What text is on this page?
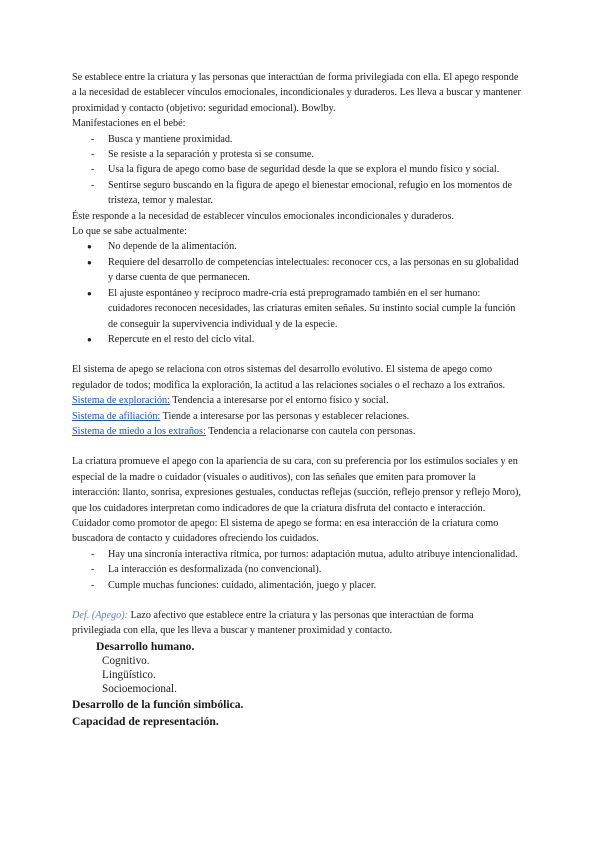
Se establece entre la criatura y las personas que interactúan de forma privilegiada con ella. El apego responde a la necesidad de establecer vínculos emocionales, incondicionales y duraderos. Les lleva a buscar y mantener proximidad y contacto (objetivo: seguridad emocional). Bowlby.

Manifestaciones en el bebé:

- Busca y mantiene proximidad.
- Se resiste a la separación y protesta si se consume.
- Usa la figura de apego como base de seguridad desde la que se explora el mundo físico y social.
- Sentirse seguro buscando en la figura de apego el bienestar emocional, refugio en los momentos de tristeza, temor y malestar.

Éste responde a la necesidad de establecer vínculos emocionales incondicionales y duraderos.

Lo que se sabe actualmente:

● No depende de la alimentación.
● Requiere del desarrollo de competencias intelectuales: reconocer ccs, a las personas en su globalidad y darse cuenta de que permanecen.
● El ajuste espontáneo y recíproco madre-cría está preprogramado también en el ser humano: cuidadores reconocen necesidades, las criaturas emiten señales. Su instinto social cumple la función de conseguir la supervivencia individual y de la especie.
● Repercute en el resto del ciclo vital.

El sistema de apego se relaciona con otros sistemas del desarrollo evolutivo. El sistema de apego como regulador de todos; modifica la exploración, la actitud a las relaciones sociales o el rechazo a los extraños.

Sistema de exploración: Tendencia a interesarse por el entorno físico y social.

Sistema de afiliación: Tiende a interesarse por las personas y establecer relaciones.

Sistema de miedo a los extraños: Tendencia a relacionarse con cautela con personas.

La criatura promueve el apego con la apariencia de su cara, con su preferencia por los estímulos sociales y en especial de la madre o cuidador (visuales o auditivos), con las señales que emiten para promover la interacción: llanto, sonrisa, expresiones gestuales, conductas reflejas (succión, reflejo prensor y reflejo Moro), que los cuidadores interpretan como indicadores de que la criatura disfruta del contacto e interacción.

Cuidador como promotor de apego: El sistema de apego se forma: en esa interacción de la criatura como buscadora de contacto y cuidadores ofreciendo los cuidados.

- Hay una sincronía interactiva rítmica, por turnos: adaptación mutua, adulto atribuye intencionalidad.
- La interacción es desformalizada (no convencional).
- Cumple muchas funciones: cuidado, alimentación, juego y placer.

Def. (Apego): Lazo afectivo que establece entre la criatura y las personas que interactúan de forma privilegiada con ella, que les lleva a buscar y mantener proximidad y contacto.

Desarrollo humano.

Cognitivo.

Lingüístico.

Socioemocional.

Desarrollo de la función simbólica.

Capacidad de representación.
